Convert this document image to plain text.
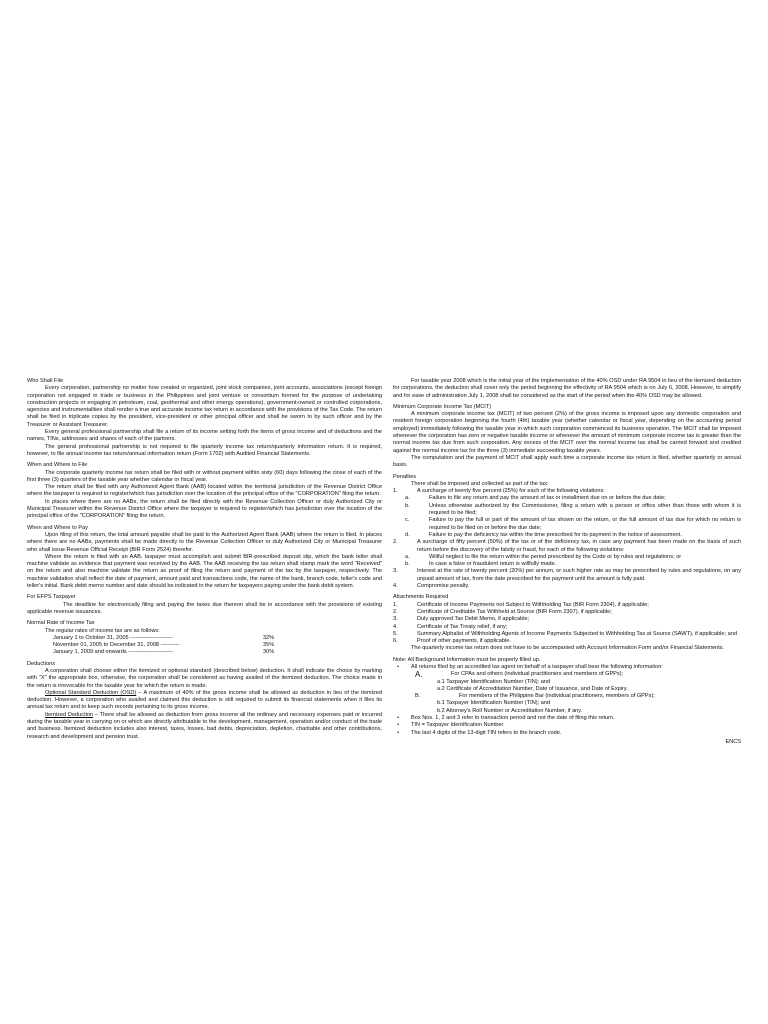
Who Shall File

Every corporation, partnership no matter how created or organized, joint stock companies, joint accounts, associations (except foreign corporation not engaged in trade or business in the Philippines and joint venture or consortium formed for the purpose of undertaking construction projects or engaging in petroleum, coal, geothermal and other energy operations), government-owned or controlled corporations, agencies and instrumentalities shall render a true and accurate income tax return in accordance with the provisions of the Tax Code. The return shall be filed in triplicate copies by the president, vice-president or other principal officer and shall be sworn to by such officer and by the Treasurer or Assistant Treasurer.

Every general professional partnership shall file a return of its income setting forth the items of gross income and of deductions and the names, TINs, addresses and shares of each of the partners.

The general professional partnership is not required to file quarterly income tax return/quarterly information return. It is required, however, to file annual income tax return/annual information return (Form 1702) with Audited Financial Statements.

When and Where to File

The corporate quarterly income tax return shall be filed with or without payment within sixty (60) days following the close of each of the first three (3) quarters of the taxable year whether calendar or fiscal year.

The return shall be filed with any Authorized Agent Bank (AAB) located within the territorial jurisdiction of the Revenue District Office where the taxpayer is required to register/which has jurisdiction over the location of the principal office of the "CORPORATION" filing the return.

In places where there are no AABs, the return shall be filed directly with the Revenue Collection Officer or duly Authorized City or Municipal Treasurer within the Revenue District Office where the taxpayer is required to register/which has jurisdiction over the location of the principal office of the "CORPORATION" filing the return.

When and Where to Pay

Upon filing of this return, the total amount payable shall be paid to the Authorized Agent Bank (AAB) where the return is filed. In places where there are no AABs, payments shall be made directly to the Revenue Collection Officer or duly Authorized City or Municipal Treasurer who shall issue Revenue Official Receipt (BIR Form 2524) therefor.

Where the return is filed with an AAB, taxpayer must accomplish and submit BIR-prescribed deposit slip, which the bank teller shall machine validate as evidence that payment was received by the AAB. The AAB receiving the tax return shall stamp mark the word "Received" on the return and also machine validate the return as proof of filing the return and payment of the tax by the taxpayer, respectively. The machine validation shall reflect the date of payment, amount paid and transactions code, the name of the bank, branch code, teller's code and teller's initial. Bank debit memo number and date should be indicated in the return for taxpayers paying under the bank debit system.

For EFPS Taxpayer

The deadline for electronically filing and paying the taxes due thereon shall be in accordance with the provisions of existing applicable revenue issuances.

Normal Rate of Income Tax

The regular rates of income tax are as follows:

January 1 to October 31, 2005 -----------------------	32%
November 01, 2005 to December 31, 2008 ----------	35%
January 1, 2009 and onwards ------------------------	30%

Deductions

A corporation shall choose either the itemized or optional standard (described below) deduction. It shall indicate the choice by marking with "X" the appropriate box, otherwise, the corporation shall be considered as having availed of the itemized deduction. The choice made in the return is irrevocable for the taxable year for which the return is made.

Optional Standard Deduction (OSD) – A maximum of 40% of the gross income shall be allowed as deduction in lieu of the itemized deduction. However, a corporation who availed and claimed this deduction is still required to submit its financial statements when it files its annual tax return and to keep such records pertaining to its gross income.

Itemized Deduction – There shall be allowed as deduction from gross income all the ordinary and necessary expenses paid or incurred during the taxable year in carrying on or which are directly attributable to the development, management, operation and/or conduct of the trade and business. Itemized deduction includes also interest, taxes, losses, bad debts, depreciation, depletion, charitable and other contributions, research and development and pension trust.

For taxable year 2008 which is the initial year of the implementation of the 40% OSD under RA 9504 in lieu of the itemized deduction for corporations, the deduction shall cover only the period beginning the effectivity of RA 9504 which is on July 6, 2008. However, to simplify and for ease of administration July 1, 2008 shall be considered as the start of the period when the 40% OSD may be allowed.

Minimum Corporate Income Tax (MCIT)

A minimum corporate income tax (MCIT) of two percent (2%) of the gross income is imposed upon any domestic corporation and resident foreign corporation beginning the fourth (4th) taxable year (whether calendar or fiscal year, depending on the accounting period employed) immediately following the taxable year in which such corporation commenced its business operation. The MCIT shall be imposed whenever the corporation has zero or negative taxable income or whenever the amount of minimum corporate income tax is greater than the normal income tax due from such corporation. Any excess of the MCIT over the normal income tax shall be carried forward and credited against the normal income tax for the three (3) immediate succeeding taxable years.

The computation and the payment of MCIT shall apply each time a corporate income tax return is filed, whether quarterly or annual basis.

Penalties

There shall be imposed and collected as part of the tax:

1.	A surcharge of twenty five percent (25%) for each of the following violations:
a.	Failure to file any return and pay the amount of tax or installment due on or before the due date;
b.	Unless otherwise authorized by the Commissioner, filing a return with a person or office other than those with whom it is required to be filed;
c.	Failure to pay the full or part of the amount of tax shown on the return, or the full amount of tax due for which no return is required to be filed on or before the due date;
d.	Failure to pay the deficiency tax within the time prescribed for its payment in the notice of assessment.
2.	A surcharge of fifty percent (50%) of the tax or of the deficiency tax, in case any payment has been made on the basis of such return before the discovery of the falsity or fraud, for each of the following violations:
a.	Willful neglect to file the return within the period prescribed by the Code or by rules and regulations; or
b.	In case a false or fraudulent return is willfully made.
3.	Interest at the rate of twenty percent (20%) per annum, or such higher rate as may be prescribed by rules and regulations, on any unpaid amount of tax, from the date prescribed for the payment until the amount is fully paid.
4.	Compromise penalty.

Attachments Required

1.	Certificate of Income Payments not Subject to Withholding Tax (BIR Form 2304), if applicable;
2.	Certificate of Creditable Tax Withheld at Source (BIR Form 2307), if applicable;
3.	Duly approved Tax Debit Memo, if applicable;
4.	Certificate of Tax Treaty relief, if any;
5.	Summary Alphalist of Withholding Agents of Income Payments Subjected to Withholding Tax at Source (SAWT), if applicable; and
6.	Proof of other payments, if applicable.

The quarterly income tax return does not have to be accompanied with Account Information Form and/or Financial Statements.

Note: All Background Information must be properly filled up.

•	All returns filed by an accredited tax agent on behalf of a taxpayer shall bear the following information:
A.	For CPAs and others (individual practitioners and members of GPPs);

a.1 Taxpayer Identification Number (TIN); and

a.2 Certificate of Accreditation Number, Date of Issuance, and Date of Expiry.

B.	For members of the Philippine Bar (individual practitioners, members of GPPs);

b.1 Taxpayer Identification Number (TIN); and

b.2 Attorney's Roll Number or Accreditation Number, if any.

•	Box Nos. 1, 2 and 3 refer to transaction period and not the date of filing this return.
•	TIN = Taxpayer Identification Number
•	The last 4 digits of the 13-digit TIN refers to the branch code.

ENCS
